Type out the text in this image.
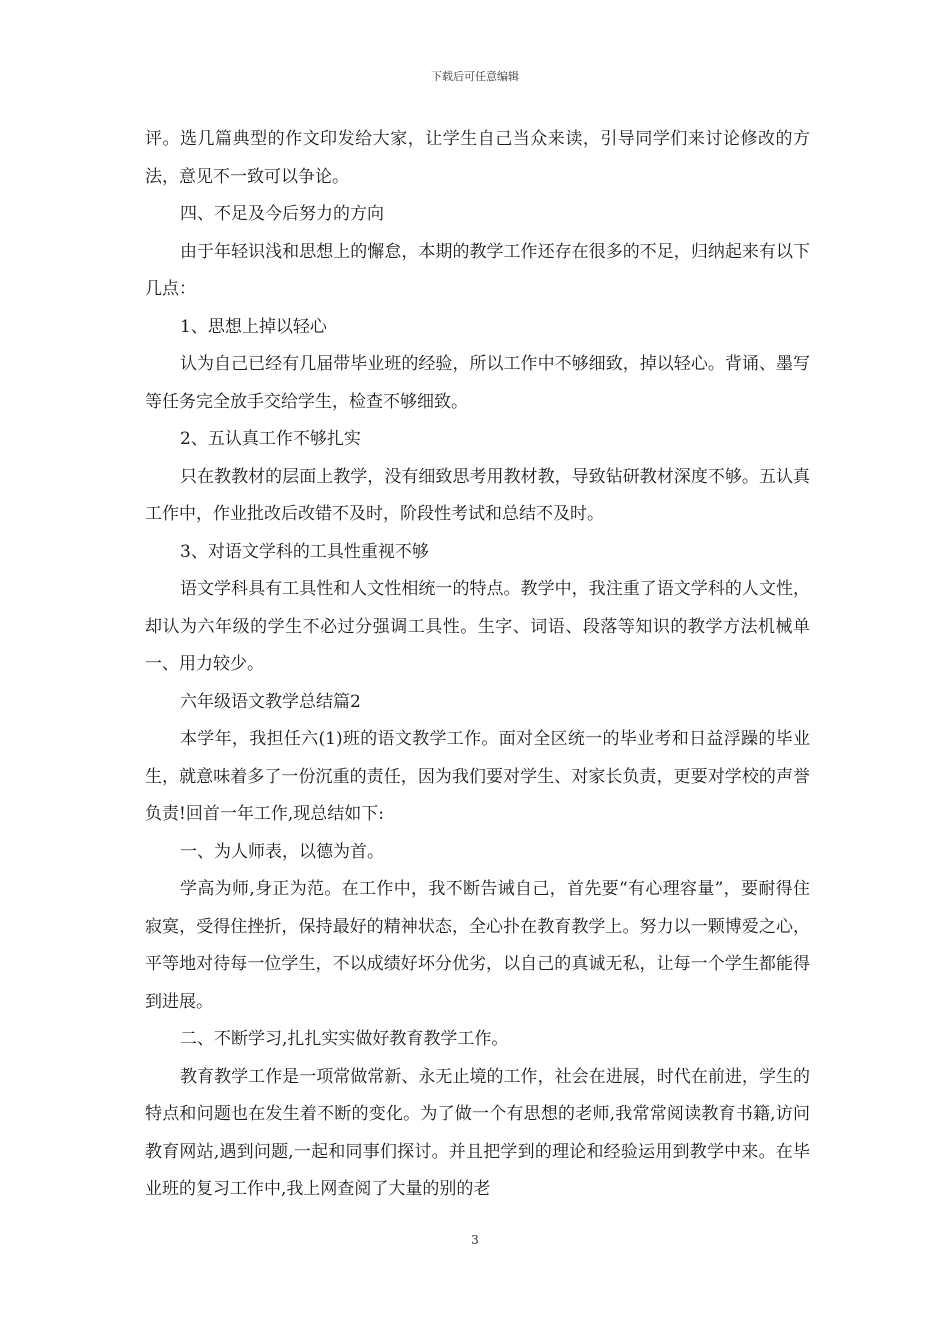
下载后可任意编辑

评。选几篇典型的作文印发给大家，让学生自己当众来读，引导同学们来讨论修改的方法，意见不一致可以争论。

四、不足及今后努力的方向

由于年轻识浅和思想上的懈怠，本期的教学工作还存在很多的不足，归纳起来有以下几点：

1、思想上掉以轻心

认为自己已经有几届带毕业班的经验，所以工作中不够细致，掉以轻心。背诵、墨写等任务完全放手交给学生，检查不够细致。

2、五认真工作不够扎实

只在教教材的层面上教学，没有细致思考用教材教，导致钻研教材深度不够。五认真工作中，作业批改后改错不及时，阶段性考试和总结不及时。

3、对语文学科的工具性重视不够

语文学科具有工具性和人文性相统一的特点。教学中，我注重了语文学科的人文性，却认为六年级的学生不必过分强调工具性。生字、词语、段落等知识的教学方法机械单一、用力较少。

六年级语文教学总结篇2

本学年，我担任六(1)班的语文教学工作。面对全区统一的毕业考和日益浮躁的毕业生，就意味着多了一份沉重的责任，因为我们要对学生、对家长负责，更要对学校的声誉负责!回首一年工作,现总结如下:

一、为人师表，以德为首。

学高为师,身正为范。在工作中，我不断告诫自己，首先要“有心理容量”，要耐得住寂寞，受得住挫折，保持最好的精神状态，全心扑在教育教学上。努力以一颗博爱之心，平等地对待每一位学生，不以成绩好坏分优劣，以自己的真诚无私，让每一个学生都能得到进展。

二、不断学习,扎扎实实做好教育教学工作。

教育教学工作是一项常做常新、永无止境的工作，社会在进展，时代在前进，学生的特点和问题也在发生着不断的变化。为了做一个有思想的老师,我常常阅读教育书籍,访问教育网站,遇到问题,一起和同事们探讨。并且把学到的理论和经验运用到教学中来。在毕业班的复习工作中,我上网查阅了大量的别的老

3
